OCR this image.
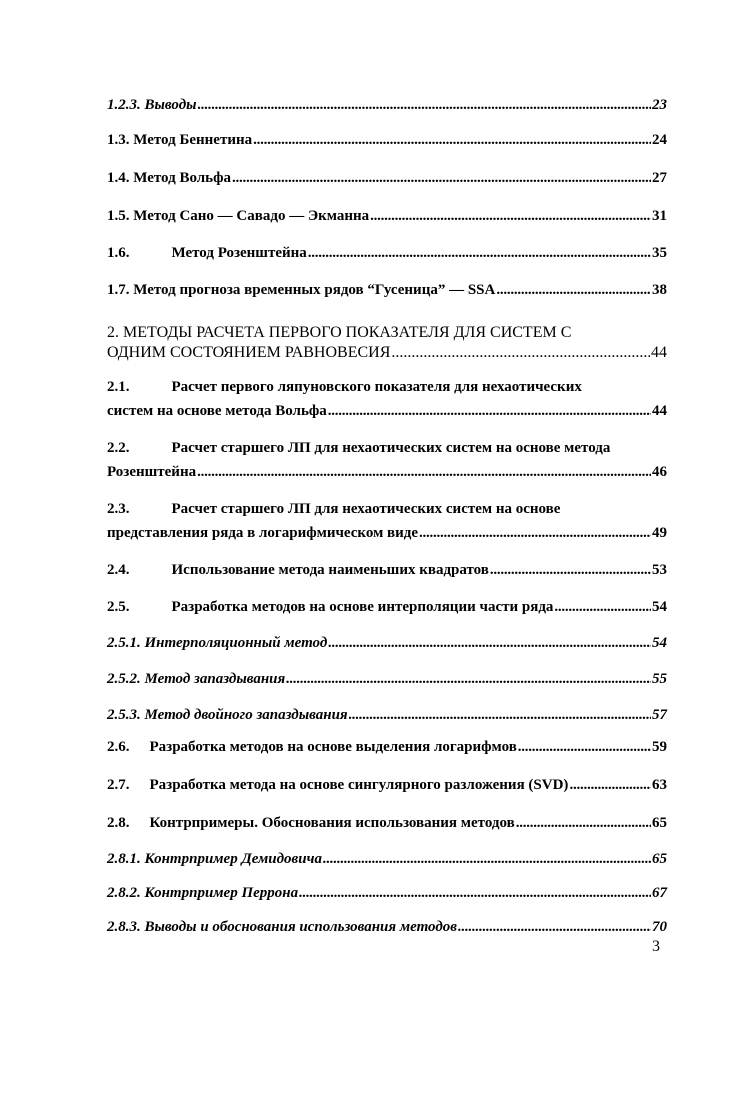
1.2.3. Выводы . . .	23
1.3. Метод Беннетина . . .	24
1.4. Метод Вольфа . . .	27
1.5. Метод Сано — Савадо — Экманна . . .	31
1.6.	Метод Розенштейна . . .	35
1.7. Метод прогноза временных рядов “Гусеница” — SSA . . .	38
2. МЕТОДЫ РАСЧЕТА ПЕРВОГО ПОКАЗАТЕЛЯ ДЛЯ СИСТЕМ С
ОДНИМ СОСТОЯНИЕМ РАВНОВЕСИЯ . . .	44
2.1.	Расчет первого ляпуновского показателя для нехаотических
систем на основе метода Вольфа . . .	44
2.2.	Расчет старшего ЛП для нехаотических систем на основе метода
Розенштейна . . .	46
2.3.	Расчет старшего ЛП для нехаотических систем на основе
представления ряда в логарифмическом виде . . .	49
2.4.	Использование метода наименьших квадратов . . .	53
2.5.	Разработка методов на основе интерполяции части ряда . . .	54
2.5.1. Интерполяционный метод . . .	54
2.5.2. Метод запаздывания . . .	55
2.5.3. Метод двойного запаздывания . . .	57
2.6. Разработка методов на основе выделения логарифмов . . .	59
2.7. Разработка метода на основе сингулярного разложения (SVD) . . .	63
2.8. Контрпримеры. Обоснования использования методов . . .	65
2.8.1. Контрпример Демидовича . . .	65
2.8.2. Контрпример Перрона . . .	67
2.8.3. Выводы и обоснования использования методов . . .	70
3
